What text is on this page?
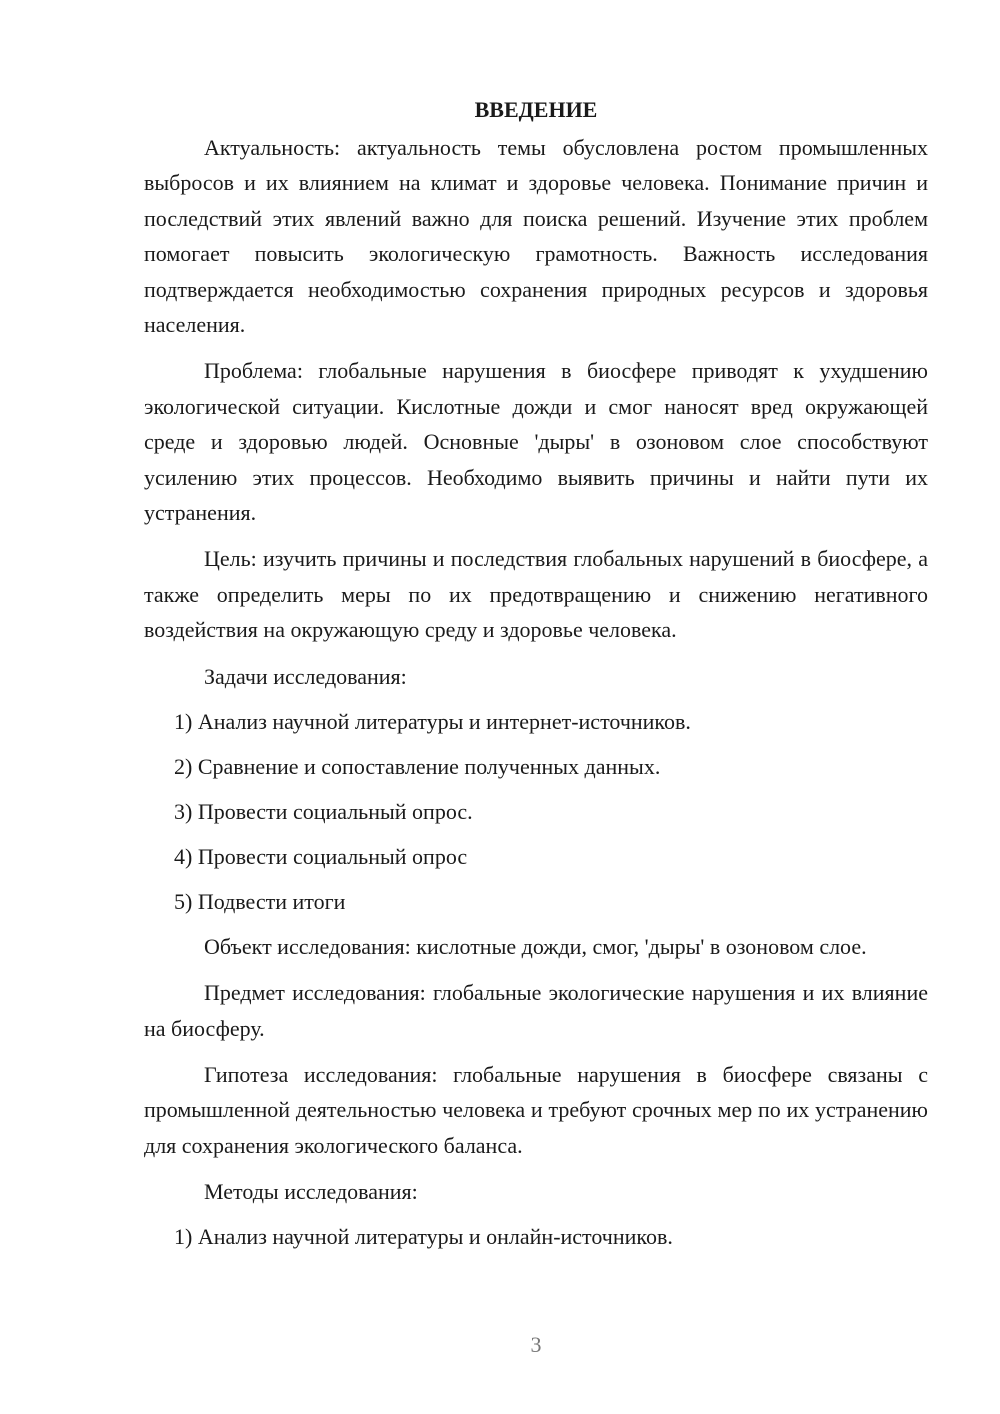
ВВЕДЕНИЕ

Актуальность: актуальность темы обусловлена ростом промышленных выбросов и их влиянием на климат и здоровье человека. Понимание причин и последствий этих явлений важно для поиска решений. Изучение этих проблем помогает повысить экологическую грамотность. Важность исследования подтверждается необходимостью сохранения природных ресурсов и здоровья населения.

Проблема: глобальные нарушения в биосфере приводят к ухудшению экологической ситуации. Кислотные дожди и смог наносят вред окружающей среде и здоровью людей. Основные 'дыры' в озоновом слое способствуют усилению этих процессов. Необходимо выявить причины и найти пути их устранения.

Цель: изучить причины и последствия глобальных нарушений в биосфере, а также определить меры по их предотвращению и снижению негативного воздействия на окружающую среду и здоровье человека.

Задачи исследования:

1) Анализ научной литературы и интернет-источников.

2) Сравнение и сопоставление полученных данных.

3) Провести социальный опрос.

4) Провести социальный опрос

5) Подвести итоги

Объект исследования: кислотные дожди, смог, 'дыры' в озоновом слое.

Предмет исследования: глобальные экологические нарушения и их влияние на биосферу.

Гипотеза исследования: глобальные нарушения в биосфере связаны с промышленной деятельностью человека и требуют срочных мер по их устранению для сохранения экологического баланса.

Методы исследования:

1) Анализ научной литературы и онлайн-источников.

3
